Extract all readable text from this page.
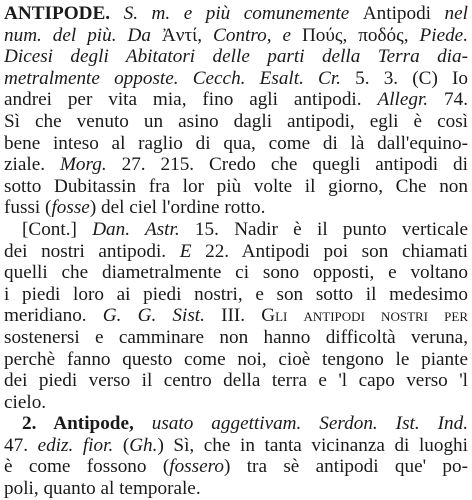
ANTIPODE. S. m. e più comunemente Antipodi nel
num. del più. Da Ἀντί, Contro, e Πούς, ποδός, Piede.
Dicesi degli Abitatori delle parti della Terra dia-
metralmente opposte. Cecch. Esalt. Cr. 5. 3. (C) Io
andrei per vita mia, fino agli antipodi. Allegr. 74.
Sì che venuto un asino dagli antipodi, egli è così
bene inteso al raglio di qua, come di là dall'equino-
ziale. Morg. 27. 215. Credo che quegli antipodi di
sotto Dubitassin fra lor più volte il giorno, Che non
fussi (fosse) del ciel l'ordine rotto.
[Cont.] Dan. Astr. 15. Nadir è il punto verticale
dei nostri antipodi. E 22. Antipodi poi son chiamati
quelli che diametralmente ci sono opposti, e voltano
i piedi loro ai piedi nostri, e son sotto il medesimo
meridiano. G. G. Sist. III. Gli antipodi nostri per
sostenersi e camminare non hanno difficoltà veruna,
perchè fanno questo come noi, cioè tengono le piante
dei piedi verso il centro della terra e 'l capo verso 'l
cielo.
2. Antipode, usato aggettivam. Serdon. Ist. Ind.
47. ediz. fior. (Gh.) Sì, che in tanta vicinanza di luoghi
è come fossono (fossero) tra sè antipodi que' po-
poli, quanto al temporale.
